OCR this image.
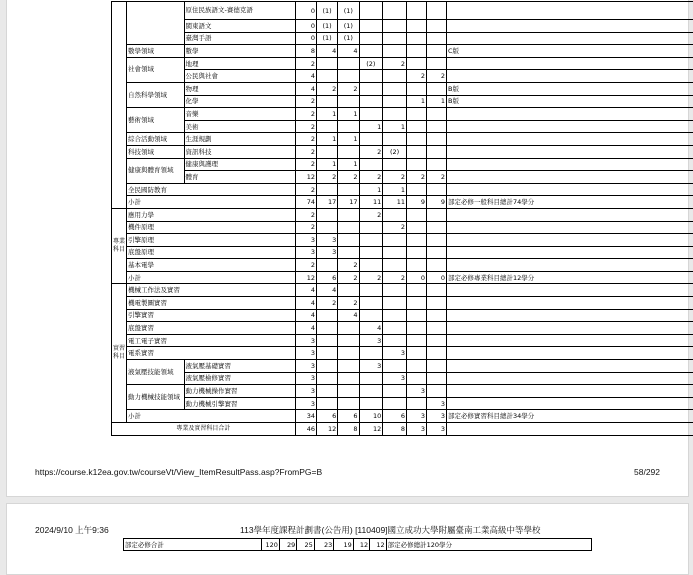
		原住民族語文-賽德克語	0	(1)	(1)					
		閩東語文	0	(1)	(1)					
		臺灣手語	0	(1)	(1)					
	數學領域	數學	8	4	4					C版
	社會領域	地理	2			(2)	2			
		公民與社會	4					2	2	
	自然科學領域	物理	4	2	2					B版
		化學	2					1	1	B版
	藝術領域	音樂	2	1	1					
		美術	2			1	1			
	綜合活動領域	生涯規劃	2	1	1					
	科技領域	資訊科技	2			2	(2)			
	健康與體育領域	健康與護理	2	1	1					
		體育	12	2	2	2	2	2	2	
	全民國防教育		2			1	1			
	小計		74	17	17	11	11	9	9	部定必修一般科目總計74學分
專業科目	應用力學		2			2				
	機件原理		2				2			
	引擎原理		3	3						
	底盤原理		3	3						
	基本電學		2		2					
	小計		12	6	2	2	2	0	0	部定必修專業科目總計12學分
實習科目	機械工作法及實習		4	4						
	機電製圖實習		4	2	2					
	引擎實習		4		4					
	底盤實習		4			4				
	電工電子實習		3			3				
	電系實習		3				3			
	液氣壓技能領域	液氣壓基礎實習	3			3				
		液氣壓檢修實習	3				3			
	動力機械技能領域	動力機械操作實習	3					3		
		動力機械引擎實習	3						3	
	小計		34	6	6	10	6	3	3	部定必修實習科目總計34學分
專業及實習科目合計			46	12	8	12	8	3	3	
https://course.k12ea.gov.tw/courseVt/View_ItemResultPass.asp?FromPG=B	58/292
2024/9/10 上午9:36	113學年度課程計劃書(公告用) [110409]國立成功大學附屬臺南工業高級中等學校
	部定必修合計	120	29	25	23	19	12	12	部定必修總計120學分
